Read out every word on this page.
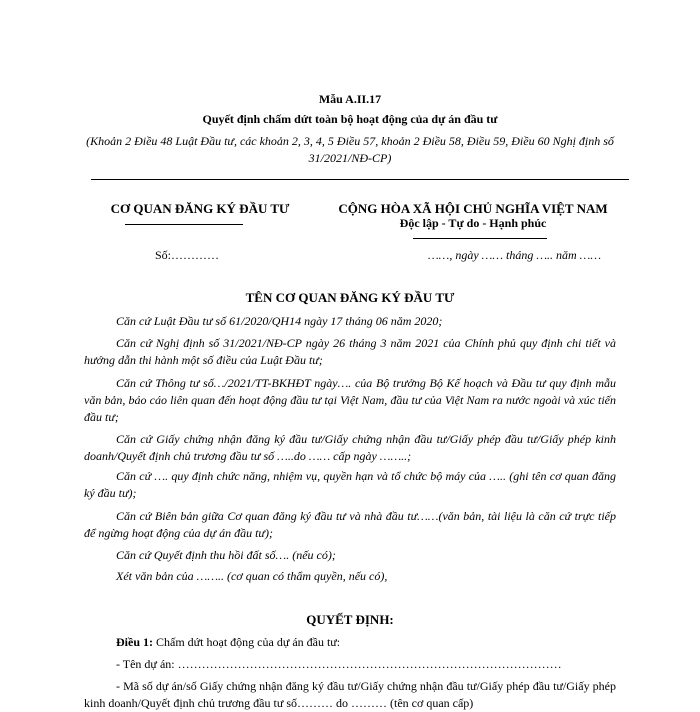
Mẫu A.II.17
Quyết định chấm dứt toàn bộ hoạt động của dự án đầu tư
(Khoản 2 Điều 48 Luật Đầu tư, các khoản 2, 3, 4, 5 Điều 57, khoản 2 Điều 58, Điều 59, Điều 60 Nghị định số 31/2021/NĐ-CP)
CƠ QUAN ĐĂNG KÝ ĐẦU TƯ	CỘNG HÒA XÃ HỘI CHỦ NGHĨA VIỆT NAM
Độc lập - Tự do - Hạnh phúc
Số:…………	……, ngày …… tháng ….. năm ……
TÊN CƠ QUAN ĐĂNG KÝ ĐẦU TƯ
Căn cứ Luật Đầu tư số 61/2020/QH14 ngày 17 tháng 06 năm 2020;
Căn cứ Nghị định số 31/2021/NĐ-CP ngày 26 tháng 3 năm 2021 của Chính phủ quy định chi tiết và hướng dẫn thi hành một số điều của Luật Đầu tư;
Căn cứ Thông tư số…/2021/TT-BKHĐT ngày…. của Bộ trưởng Bộ Kế hoạch và Đầu tư quy định mẫu văn bản, báo cáo liên quan đến hoạt động đầu tư tại Việt Nam, đầu tư của Việt Nam ra nước ngoài và xúc tiến đầu tư;
Căn cứ Giấy chứng nhận đăng ký đầu tư/Giấy chứng nhận đầu tư/Giấy phép đầu tư/Giấy phép kinh doanh/Quyết định chủ trương đầu tư số …..do …… cấp ngày ……..;
Căn cứ …. quy định chức năng, nhiệm vụ, quyền hạn và tổ chức bộ máy của ….. (ghi tên cơ quan đăng ký đầu tư);
Căn cứ Biên bản giữa Cơ quan đăng ký đầu tư và nhà đầu tư……(văn bản, tài liệu là căn cứ trực tiếp để ngừng hoạt động của dự án đầu tư);
Căn cứ Quyết định thu hồi đất số…. (nếu có);
Xét văn bản của …….. (cơ quan có thẩm quyền, nếu có),
QUYẾT ĐỊNH:
Điều 1: Chấm dứt hoạt động của dự án đầu tư:
- Tên dự án: ……………………………………………………………………………………
- Mã số dự án/số Giấy chứng nhận đăng ký đầu tư/Giấy chứng nhận đầu tư/Giấy phép đầu tư/Giấy phép kinh doanh/Quyết định chủ trương đầu tư số……… do ……… (tên cơ quan cấp)
